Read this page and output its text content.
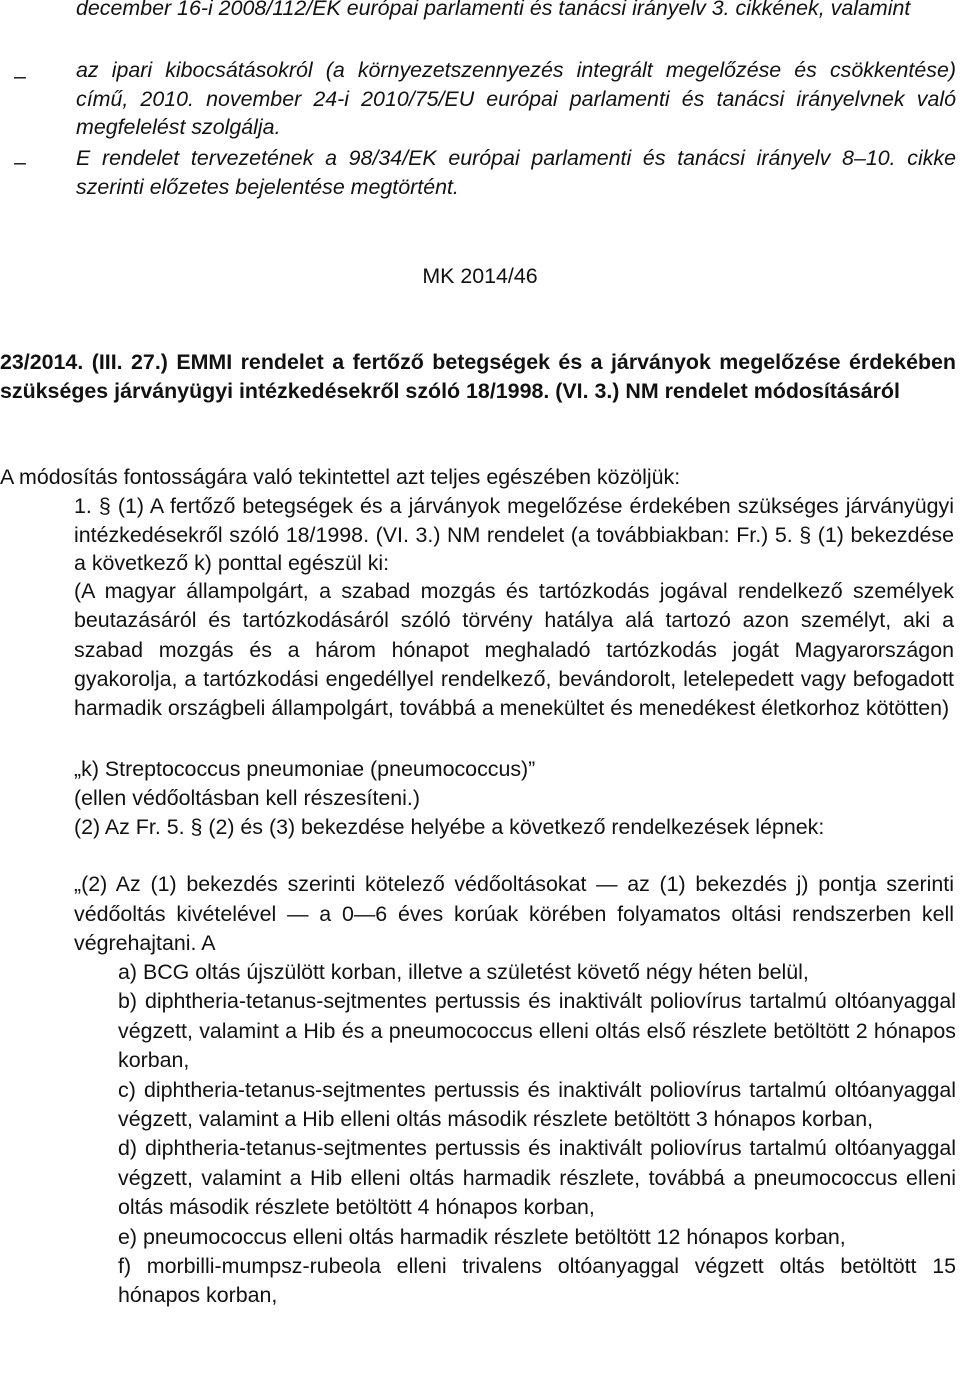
december 16-i 2008/112/EK európai parlamenti és tanácsi irányelv 3. cikkének, valamint

–	az ipari kibocsátásokról (a környezetszennyezés integrált megelőzése és csökkentése) című, 2010. november 24-i 2010/75/EU európai parlamenti és tanácsi irányelvnek való megfelelést szolgálja.

–	E rendelet tervezetének a 98/34/EK európai parlamenti és tanácsi irányelv 8–10. cikke szerinti előzetes bejelentése megtörtént.

MK 2014/46

23/2014. (III. 27.) EMMI rendelet a fertőző betegségek és a járványok megelőzése érdekében szükséges járványügyi intézkedésekről szóló 18/1998. (VI. 3.) NM rendelet módosításáról

A módosítás fontosságára való tekintettel azt teljes egészében közöljük:

1. § (1) A fertőző betegségek és a járványok megelőzése érdekében szükséges járványügyi intézkedésekről szóló 18/1998. (VI. 3.) NM rendelet (a továbbiakban: Fr.) 5. § (1) bekezdése a következő k) ponttal egészül ki:

(A magyar állampolgárt, a szabad mozgás és tartózkodás jogával rendelkező személyek beutazásáról és tartózkodásáról szóló törvény hatálya alá tartozó azon személyt, aki a szabad mozgás és a három hónapot meghaladó tartózkodás jogát Magyarországon gyakorolja, a tartózkodási engedéllyel rendelkező, bevándorolt, letelepedett vagy befogadott harmadik országbeli állampolgárt, továbbá a menekültet és menedékest életkorhoz kötötten)

„k) Streptococcus pneumoniae (pneumococcus)”

(ellen védőoltásban kell részesíteni.)

(2) Az Fr. 5. § (2) és (3) bekezdése helyébe a következő rendelkezések lépnek:

„(2) Az (1) bekezdés szerinti kötelező védőoltásokat — az (1) bekezdés j) pontja szerinti védőoltás kivételével — a 0—6 éves korúak körében folyamatos oltási rendszerben kell végrehajtani. A

a) BCG oltás újszülött korban, illetve a születést követő négy héten belül,

b) diphtheria-tetanus-sejtmentes pertussis és inaktivált poliovírus tartalmú oltóanyaggal végzett, valamint a Hib és a pneumococcus elleni oltás első részlete betöltött 2 hónapos korban,

c) diphtheria-tetanus-sejtmentes pertussis és inaktivált poliovírus tartalmú oltóanyaggal végzett, valamint a Hib elleni oltás második részlete betöltött 3 hónapos korban,

d) diphtheria-tetanus-sejtmentes pertussis és inaktivált poliovírus tartalmú oltóanyaggal végzett, valamint a Hib elleni oltás harmadik részlete, továbbá a pneumococcus elleni oltás második részlete betöltött 4 hónapos korban,

e) pneumococcus elleni oltás harmadik részlete betöltött 12 hónapos korban,

f) morbilli-mumpsz-rubeola elleni trivalens oltóanyaggal végzett oltás betöltött 15 hónapos korban,
